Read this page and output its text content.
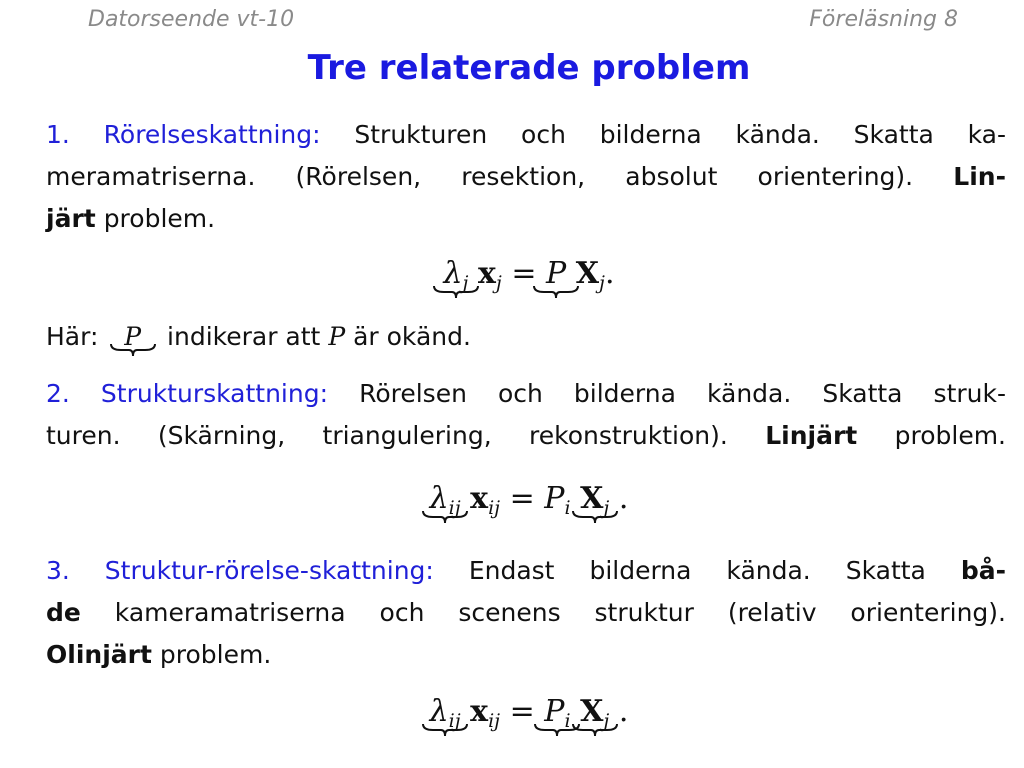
Datorseende vt-10	Föreläsning 8
Tre relaterade problem
1. Rörelseskattning: Strukturen och bilderna kända. Skatta ka-
meramatriserna. (Rörelsen, resektion, absolut orientering). Lin-
järt problem.
$\lambda_j$ $x_j = P$ $X_j$.
Här: P indikerar att P är okänd.
2. Strukturskattning: Rörelsen och bilderna kända. Skatta struk-
turen. (Skärning, triangulering, rekonstruktion). Linjärt problem.
$\lambda_{ij}$ $x_{ij} = P_i$ $X_j$ .
3. Struktur-rörelse-skattning: Endast bilderna kända. Skatta bå-
de kameramatriserna och scenens struktur (relativ orientering).
Olinjärt problem.
$\lambda_{ij}$ $x_{ij} = P_i$ $X_j$ .
